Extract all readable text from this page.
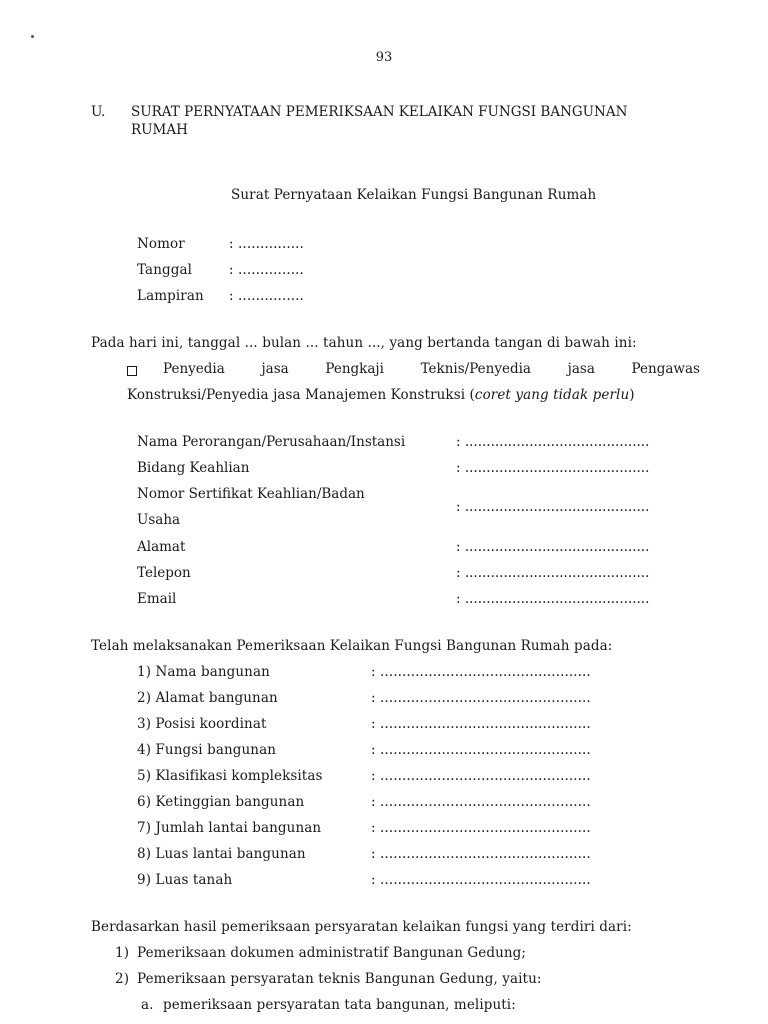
93
U. SURAT PERNYATAAN PEMERIKSAAN KELAIKAN FUNGSI BANGUNAN
RUMAH
Surat Pernyataan Kelaikan Fungsi Bangunan Rumah
Nomor	: ...............
Tanggal	: ...............
Lampiran : ...............
Pada hari ini, tanggal ... bulan ... tahun ..., yang bertanda tangan di bawah ini:
Penyedia	jasa	Pengkaji	Teknis/Penyedia	jasa	Pengawas
Konstruksi/Penyedia jasa Manajemen Konstruksi (coret yang tidak perlu)
Nama Perorangan/Perusahaan/Instansi	: ...........................................
Bidang Keahlian	: ...........................................
Nomor Sertifikat Keahlian/Badan
Usaha
: ...........................................
Alamat	: ...........................................
Telepon	: ...........................................
Email	: ...........................................
Telah melaksanakan Pemeriksaan Kelaikan Fungsi Bangunan Rumah pada:
1) Nama bangunan	: ................................................
2) Alamat bangunan	: ................................................
3) Posisi koordinat	: ................................................
4) Fungsi bangunan	: ................................................
5) Klasifikasi kompleksitas	: ................................................
6) Ketinggian bangunan	: ................................................
7) Jumlah lantai bangunan	: ................................................
8) Luas lantai bangunan	: ................................................
9) Luas tanah	: ................................................
Berdasarkan hasil pemeriksaan persyaratan kelaikan fungsi yang terdiri dari:
1) Pemeriksaan dokumen administratif Bangunan Gedung;
2) Pemeriksaan persyaratan teknis Bangunan Gedung, yaitu:
a. pemeriksaan persyaratan tata bangunan, meliputi:
